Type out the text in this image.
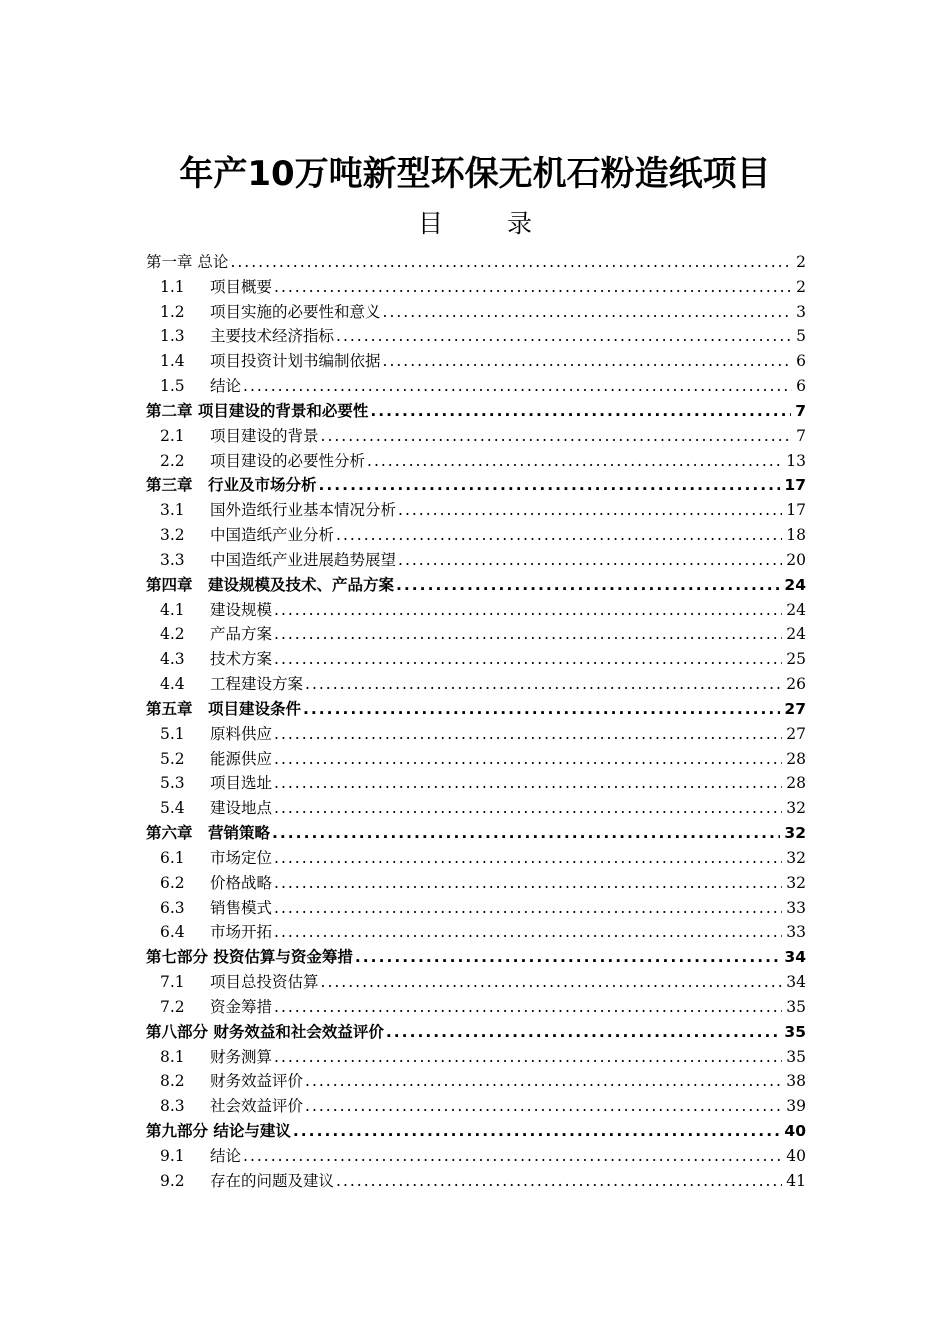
年产10万吨新型环保无机石粉造纸项目
目 录
第一章 总论 .....	2
1.1	项目概要 .....	2
1.2	项目实施的必要性和意义 .....	3
1.3	主要技术经济指标 .....	5
1.4	项目投资计划书编制依据 .....	6
1.5	结论 .....	6
第二章 项目建设的背景和必要性 .....	7
2.1	项目建设的背景 .....	7
2.2	项目建设的必要性分析 .....	13
第三章　行业及市场分析 .....	17
3.1	国外造纸行业基本情况分析 .....	17
3.2	中国造纸产业分析 .....	18
3.3	中国造纸产业进展趋势展望 .....	20
第四章　建设规模及技术、产品方案 .....	24
4.1	建设规模 .....	24
4.2	产品方案 .....	24
4.3	技术方案 .....	25
4.4	工程建设方案 .....	26
第五章　项目建设条件 .....	27
5.1	原料供应 .....	27
5.2	能源供应 .....	28
5.3	项目选址 .....	28
5.4	建设地点 .....	32
第六章　营销策略 .....	32
6.1	市场定位 .....	32
6.2	价格战略 .....	32
6.3	销售模式 .....	33
6.4	市场开拓 .....	33
第七部分 投资估算与资金筹措 .....	34
7.1	项目总投资估算 .....	34
7.2	资金筹措 .....	35
第八部分 财务效益和社会效益评价 .....	35
8.1	财务测算 .....	35
8.2	财务效益评价 .....	38
8.3	社会效益评价 .....	39
第九部分 结论与建议 .....	40
9.1	结论 .....	40
9.2	存在的问题及建议 .....	41
